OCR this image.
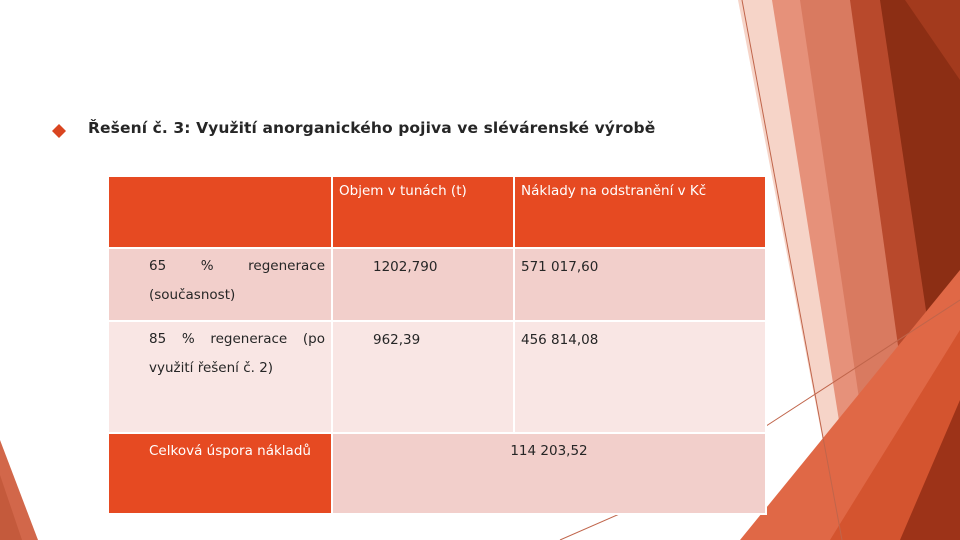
Řešení č. 3: Využití anorganického pojiva ve slévárenské výrobě

	Objem v tunách (t)	Náklady na odstranění v Kč

65 % regenerace
(současnost)	1202,790	571 017,60

85 % regenerace (po
využití řešení č. 2)	962,39	456 814,08

Celková úspora nákladů	114 203,52	
